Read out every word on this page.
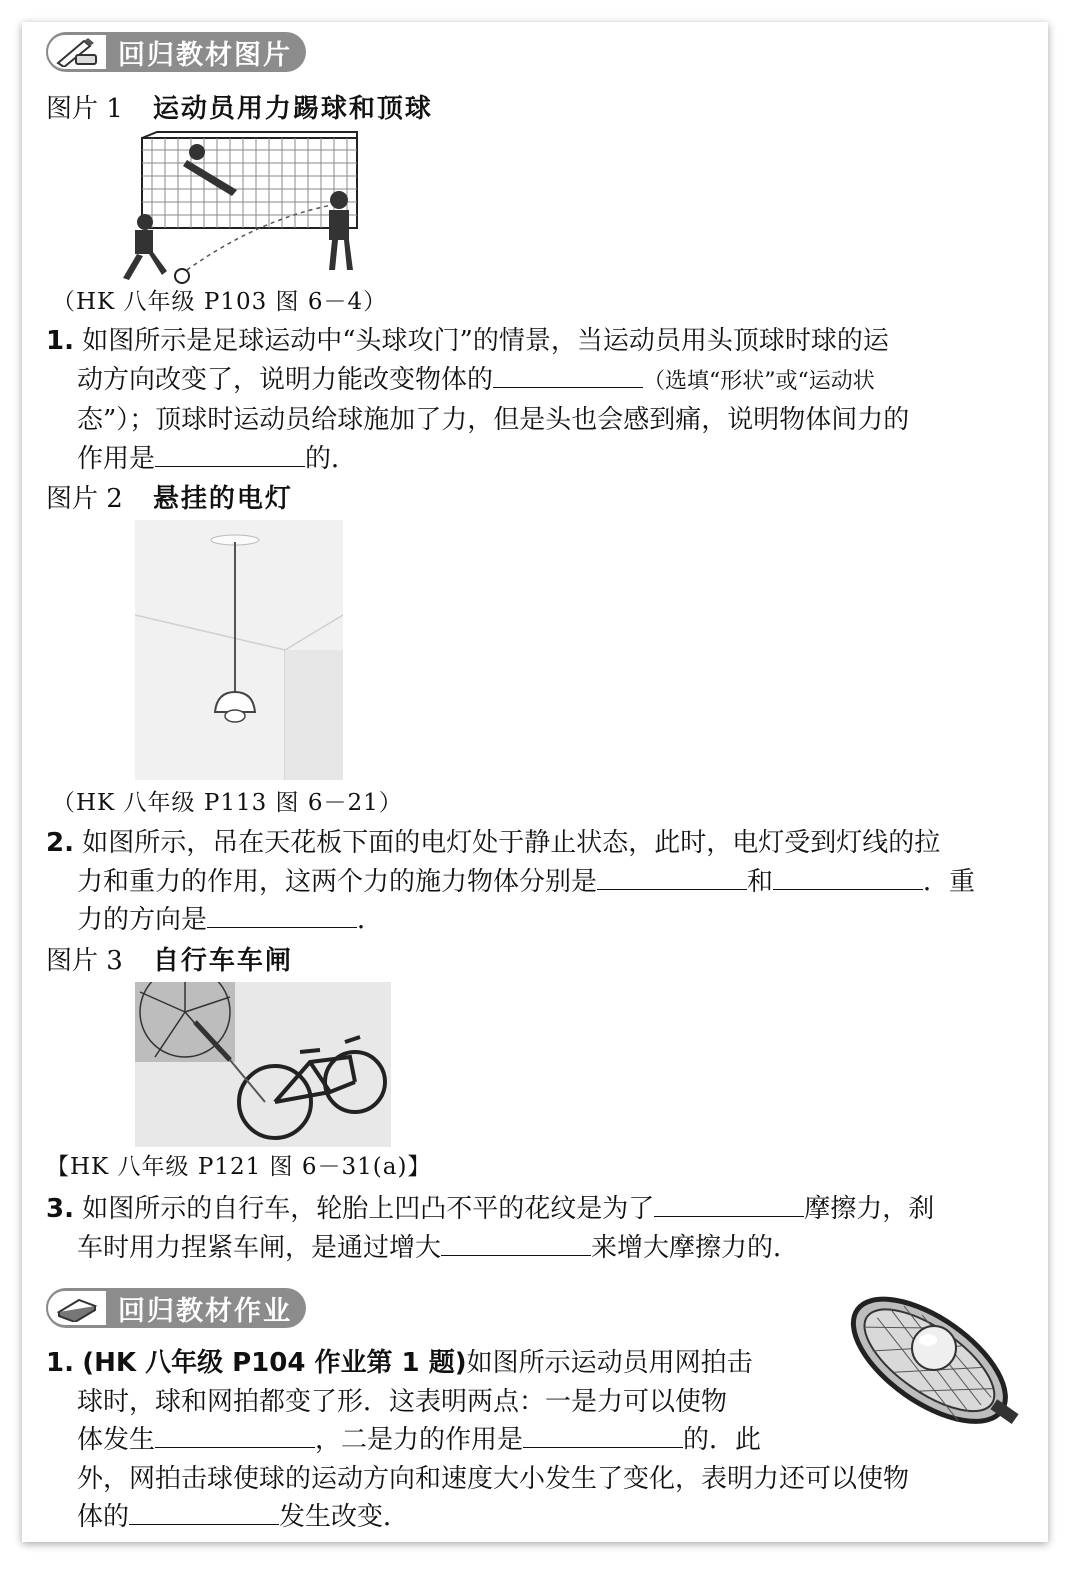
回归教材图片
图片 1 运动员用力踢球和顶球
（HK 八年级 P103 图 6－4）
1. 如图所示是足球运动中“头球攻门”的情景，当运动员用头顶球时球的运
动方向改变了，说明力能改变物体的	（选填“形状”或“运动状
态”）；顶球时运动员给球施加了力，但是头也会感到痛，说明物体间力的
作用是	的．
图片 2 悬挂的电灯
（HK 八年级 P113 图 6－21）
2. 如图所示，吊在天花板下面的电灯处于静止状态，此时，电灯受到灯线的拉
力和重力的作用，这两个力的施力物体分别是	和	．重
力的方向是	．
图片 3 自行车车闸
【HK 八年级 P121 图 6－31(a)】
3. 如图所示的自行车，轮胎上凹凸不平的花纹是为了	摩擦力，刹
车时用力捏紧车闸，是通过增大	来增大摩擦力的．
回归教材作业
1. (HK 八年级 P104 作业第 1 题)如图所示运动员用网拍击
球时，球和网拍都变了形．这表明两点：一是力可以使物
体发生	，二是力的作用是	的．此
外，网拍击球使球的运动方向和速度大小发生了变化，表明力还可以使物
体的	发生改变．
